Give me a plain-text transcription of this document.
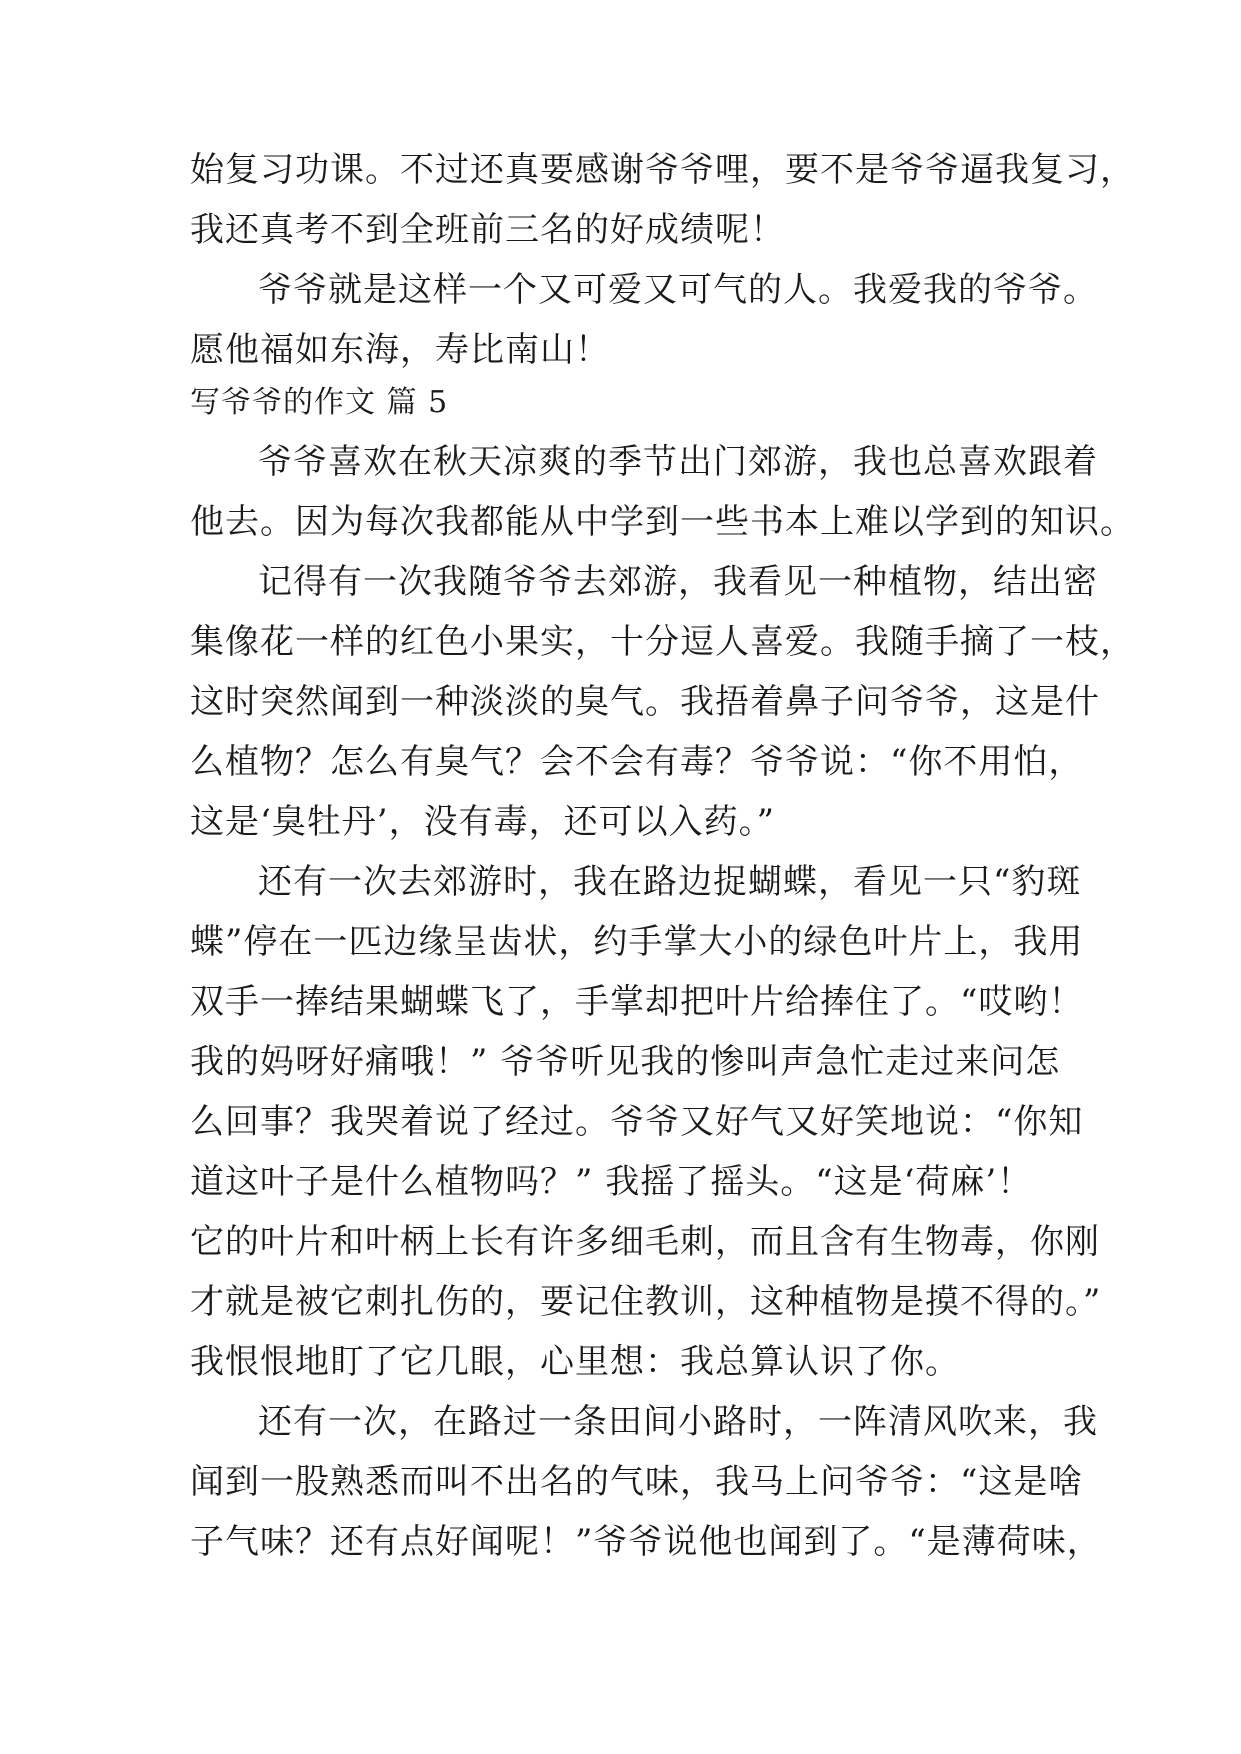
始复习功课。不过还真要感谢爷爷哩，要不是爷爷逼我复习，
我还真考不到全班前三名的好成绩呢！
爷爷就是这样一个又可爱又可气的人。我爱我的爷爷。
愿他福如东海，寿比南山！
写爷爷的作文 篇 5
爷爷喜欢在秋天凉爽的季节出门郊游，我也总喜欢跟着
他去。因为每次我都能从中学到一些书本上难以学到的知识。
记得有一次我随爷爷去郊游，我看见一种植物，结出密
集像花一样的红色小果实，十分逗人喜爱。我随手摘了一枝，
这时突然闻到一种淡淡的臭气。我捂着鼻子问爷爷，这是什
么植物？怎么有臭气？会不会有毒？爷爷说：“你不用怕，
这是‘臭牡丹’，没有毒，还可以入药。”
还有一次去郊游时，我在路边捉蝴蝶，看见一只“豹斑
蝶”停在一匹边缘呈齿状，约手掌大小的绿色叶片上，我用
双手一捧结果蝴蝶飞了，手掌却把叶片给捧住了。“哎哟！
我的妈呀好痛哦！” 爷爷听见我的惨叫声急忙走过来问怎
么回事？我哭着说了经过。爷爷又好气又好笑地说：“你知
道这叶子是什么植物吗？” 我摇了摇头。“这是‘荷麻’！
它的叶片和叶柄上长有许多细毛刺，而且含有生物毒，你刚
才就是被它刺扎伤的，要记住教训，这种植物是摸不得的。”
我恨恨地盯了它几眼，心里想：我总算认识了你。
还有一次，在路过一条田间小路时，一阵清风吹来，我
闻到一股熟悉而叫不出名的气味，我马上问爷爷：“这是啥
子气味？还有点好闻呢！”爷爷说他也闻到了。“是薄荷味，
